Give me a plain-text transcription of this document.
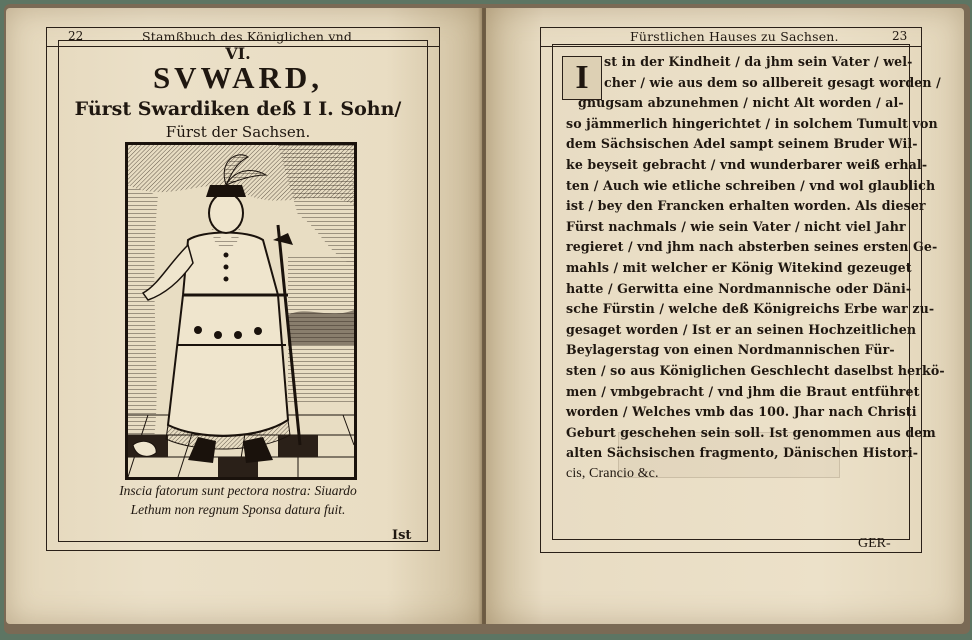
22	Stamßbuch des Königlichen vnd
VI.
SVWARD,
Fürst Swardiken deß I I. Sohn/
Fürst der Sachsen.
Inscia fatorum sunt pectora nostra: Siuardo
Lethum non regnum Sponsa datura fuit.
Ist
Fürstlichen Hauses zu Sachsen.	23
I	st in der Kindheit / da jhm sein Vater / wel-
cher / wie aus dem so allbereit gesagt worden /
gnugsam abzunehmen / nicht Alt worden / al-
so jämmerlich hingerichtet / in solchem Tumult von
dem Sächsischen Adel sampt seinem Bruder Wil-
ke beyseit gebracht / vnd wunderbarer weiß erhal-
ten / Auch wie etliche schreiben / vnd wol glaublich
ist / bey den Francken erhalten worden. Als dieser
Fürst nachmals / wie sein Vater / nicht viel Jahr
regieret / vnd jhm nach absterben seines ersten Ge-
mahls / mit welcher er König Witekind gezeuget
hatte / Gerwitta eine Nordmannische oder Däni-
sche Fürstin / welche deß Königreichs Erbe war zu-
gesaget worden / Ist er an seinen Hochzeitlichen
Beylagerstag von einen Nordmannischen Für-
sten / so aus Königlichen Geschlecht daselbst herkö-
men / vmbgebracht / vnd jhm die Braut entführet
worden / Welches vmb das 100. Jhar nach Christi
Geburt geschehen sein soll. Ist genommen aus dem
alten Sächsischen fragmento, Dänischen Histori-
cis, Crancio &c.
GER-
